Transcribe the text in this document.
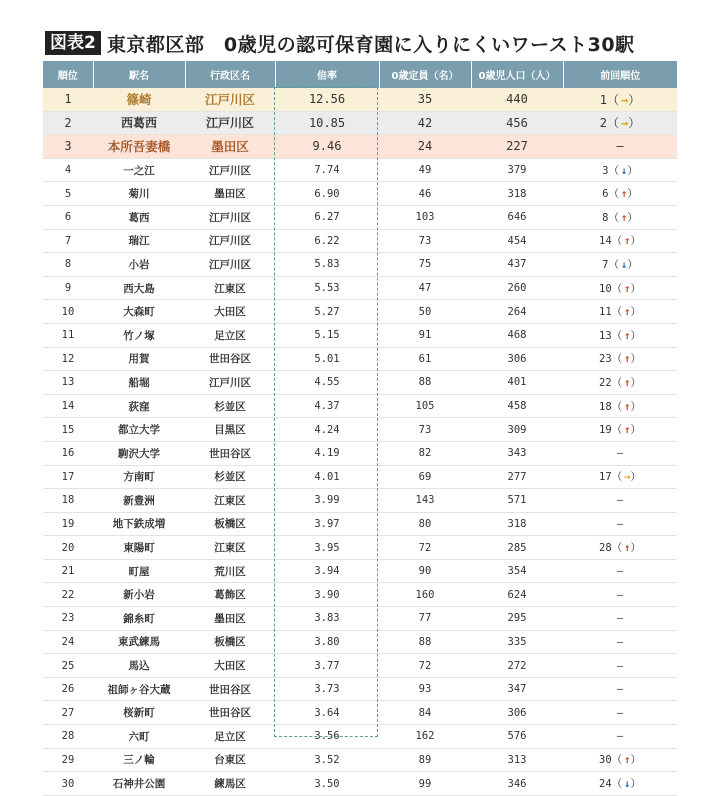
図表2 東京都区部　0歳児の認可保育園に入りにくいワースト30駅
順位	駅名	行政区名	倍率	0歳定員（名）	0歳児人口（人）	前回順位
1	篠崎	江戸川区	12.56	35	440	1（ →）
2	西葛西	江戸川区	10.85	42	456	2（ →）
3	本所吾妻橋	墨田区	9.46	24	227	—
4	一之江	江戸川区	7.74	49	379	3（ ↓）
5	菊川	墨田区	6.90	46	318	6（ ↑）
6	葛西	江戸川区	6.27	103	646	8（ ↑）
7	瑞江	江戸川区	6.22	73	454	14（ ↑）
8	小岩	江戸川区	5.83	75	437	7（ ↓）
9	西大島	江東区	5.53	47	260	10（ ↑）
10	大森町	大田区	5.27	50	264	11（ ↑）
11	竹ノ塚	足立区	5.15	91	468	13（ ↑）
12	用賀	世田谷区	5.01	61	306	23（ ↑）
13	船堀	江戸川区	4.55	88	401	22（ ↑）
14	荻窪	杉並区	4.37	105	458	18（ ↑）
15	都立大学	目黒区	4.24	73	309	19（ ↑）
16	駒沢大学	世田谷区	4.19	82	343	—
17	方南町	杉並区	4.01	69	277	17（ →）
18	新豊洲	江東区	3.99	143	571	—
19	地下鉄成増	板橋区	3.97	80	318	—
20	東陽町	江東区	3.95	72	285	28（ ↑）
21	町屋	荒川区	3.94	90	354	—
22	新小岩	葛飾区	3.90	160	624	—
23	錦糸町	墨田区	3.83	77	295	—
24	東武練馬	板橋区	3.80	88	335	—
25	馬込	大田区	3.77	72	272	—
26	祖師ヶ谷大蔵	世田谷区	3.73	93	347	—
27	桜新町	世田谷区	3.64	84	306	—
28	六町	足立区	3.56	162	576	—
29	三ノ輪	台東区	3.52	89	313	30（ ↑）
30	石神井公園	練馬区	3.50	99	346	24（ ↓）
